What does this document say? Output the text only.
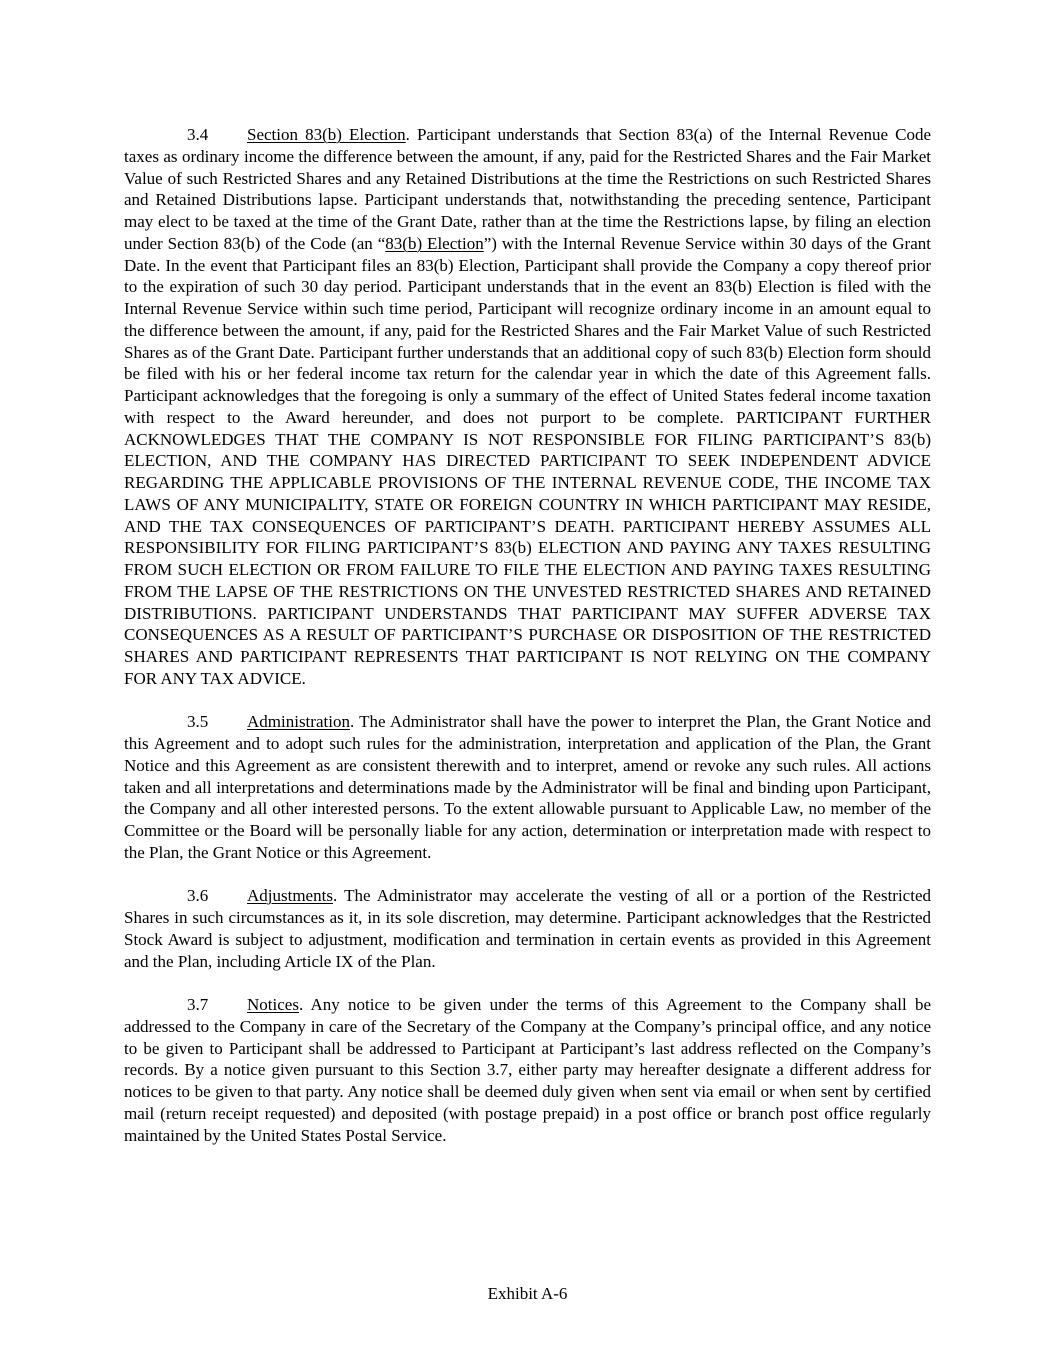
3.4 Section 83(b) Election. Participant understands that Section 83(a) of the Internal Revenue Code taxes as ordinary income the difference between the amount, if any, paid for the Restricted Shares and the Fair Market Value of such Restricted Shares and any Retained Distributions at the time the Restrictions on such Restricted Shares and Retained Distributions lapse. Participant understands that, notwithstanding the preceding sentence, Participant may elect to be taxed at the time of the Grant Date, rather than at the time the Restrictions lapse, by filing an election under Section 83(b) of the Code (an “83(b) Election”) with the Internal Revenue Service within 30 days of the Grant Date. In the event that Participant files an 83(b) Election, Participant shall provide the Company a copy thereof prior to the expiration of such 30 day period. Participant understands that in the event an 83(b) Election is filed with the Internal Revenue Service within such time period, Participant will recognize ordinary income in an amount equal to the difference between the amount, if any, paid for the Restricted Shares and the Fair Market Value of such Restricted Shares as of the Grant Date. Participant further understands that an additional copy of such 83(b) Election form should be filed with his or her federal income tax return for the calendar year in which the date of this Agreement falls. Participant acknowledges that the foregoing is only a summary of the effect of United States federal income taxation with respect to the Award hereunder, and does not purport to be complete. PARTICIPANT FURTHER ACKNOWLEDGES THAT THE COMPANY IS NOT RESPONSIBLE FOR FILING PARTICIPANT’S 83(b) ELECTION, AND THE COMPANY HAS DIRECTED PARTICIPANT TO SEEK INDEPENDENT ADVICE REGARDING THE APPLICABLE PROVISIONS OF THE INTERNAL REVENUE CODE, THE INCOME TAX LAWS OF ANY MUNICIPALITY, STATE OR FOREIGN COUNTRY IN WHICH PARTICIPANT MAY RESIDE, AND THE TAX CONSEQUENCES OF PARTICIPANT’S DEATH. PARTICIPANT HEREBY ASSUMES ALL RESPONSIBILITY FOR FILING PARTICIPANT’S 83(b) ELECTION AND PAYING ANY TAXES RESULTING FROM SUCH ELECTION OR FROM FAILURE TO FILE THE ELECTION AND PAYING TAXES RESULTING FROM THE LAPSE OF THE RESTRICTIONS ON THE UNVESTED RESTRICTED SHARES AND RETAINED DISTRIBUTIONS. PARTICIPANT UNDERSTANDS THAT PARTICIPANT MAY SUFFER ADVERSE TAX CONSEQUENCES AS A RESULT OF PARTICIPANT’S PURCHASE OR DISPOSITION OF THE RESTRICTED SHARES AND PARTICIPANT REPRESENTS THAT PARTICIPANT IS NOT RELYING ON THE COMPANY FOR ANY TAX ADVICE.

3.5 Administration. The Administrator shall have the power to interpret the Plan, the Grant Notice and this Agreement and to adopt such rules for the administration, interpretation and application of the Plan, the Grant Notice and this Agreement as are consistent therewith and to interpret, amend or revoke any such rules. All actions taken and all interpretations and determinations made by the Administrator will be final and binding upon Participant, the Company and all other interested persons. To the extent allowable pursuant to Applicable Law, no member of the Committee or the Board will be personally liable for any action, determination or interpretation made with respect to the Plan, the Grant Notice or this Agreement.

3.6 Adjustments. The Administrator may accelerate the vesting of all or a portion of the Restricted Shares in such circumstances as it, in its sole discretion, may determine. Participant acknowledges that the Restricted Stock Award is subject to adjustment, modification and termination in certain events as provided in this Agreement and the Plan, including Article IX of the Plan.

3.7 Notices. Any notice to be given under the terms of this Agreement to the Company shall be addressed to the Company in care of the Secretary of the Company at the Company’s principal office, and any notice to be given to Participant shall be addressed to Participant at Participant’s last address reflected on the Company’s records. By a notice given pursuant to this Section 3.7, either party may hereafter designate a different address for notices to be given to that party. Any notice shall be deemed duly given when sent via email or when sent by certified mail (return receipt requested) and deposited (with postage prepaid) in a post office or branch post office regularly maintained by the United States Postal Service.

Exhibit A-6
